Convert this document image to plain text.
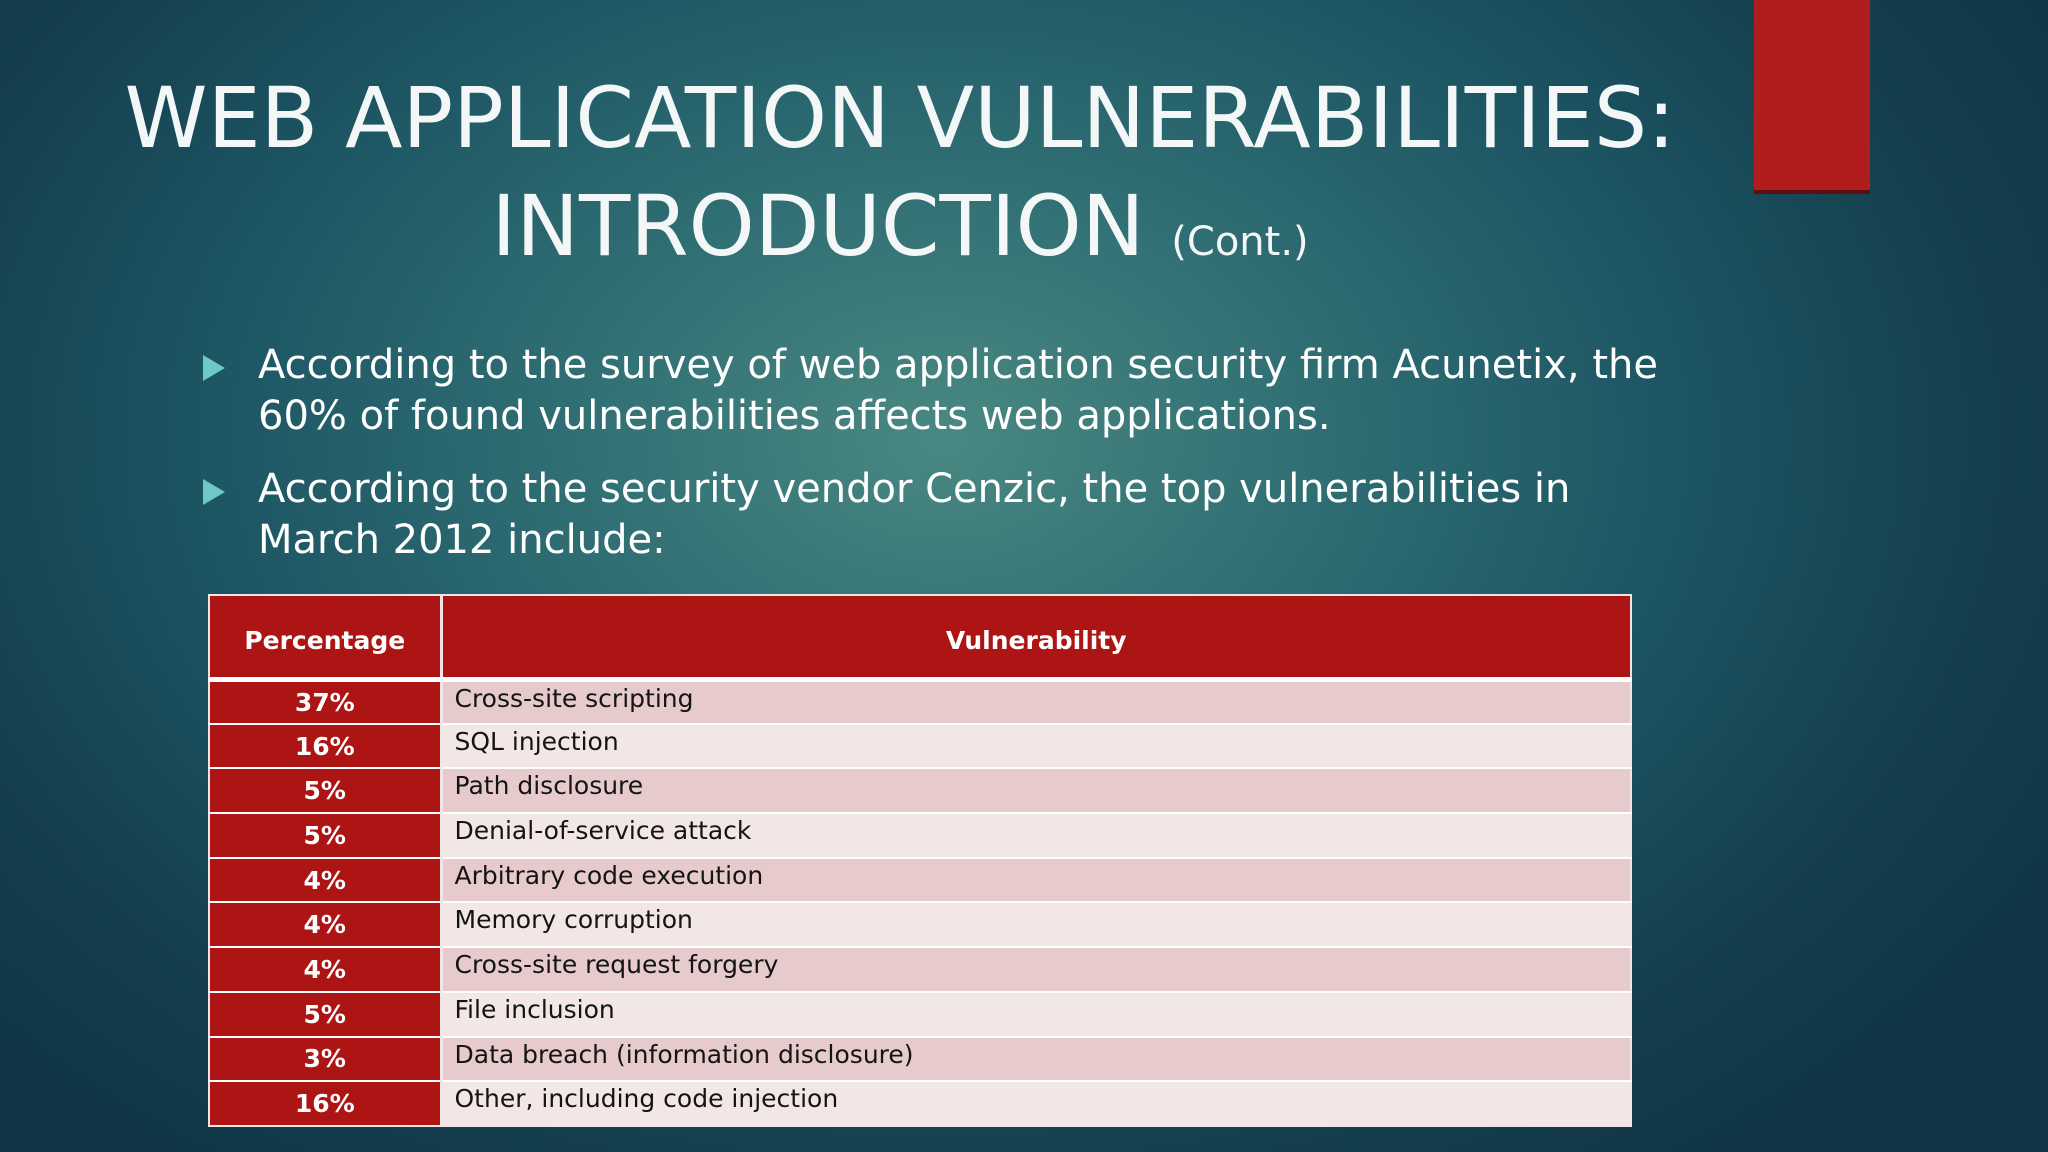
WEB APPLICATION VULNERABILITIES:
INTRODUCTION (Cont.)
According to the survey of web application security firm Acunetix, the 60% of found vulnerabilities affects web applications.
According to the security vendor Cenzic, the top vulnerabilities in March 2012 include:
Percentage	Vulnerability
37%	Cross-site scripting
16%	SQL injection
5%	Path disclosure
5%	Denial-of-service attack
4%	Arbitrary code execution
4%	Memory corruption
4%	Cross-site request forgery
5%	File inclusion
3%	Data breach (information disclosure)
16%	Other, including code injection
